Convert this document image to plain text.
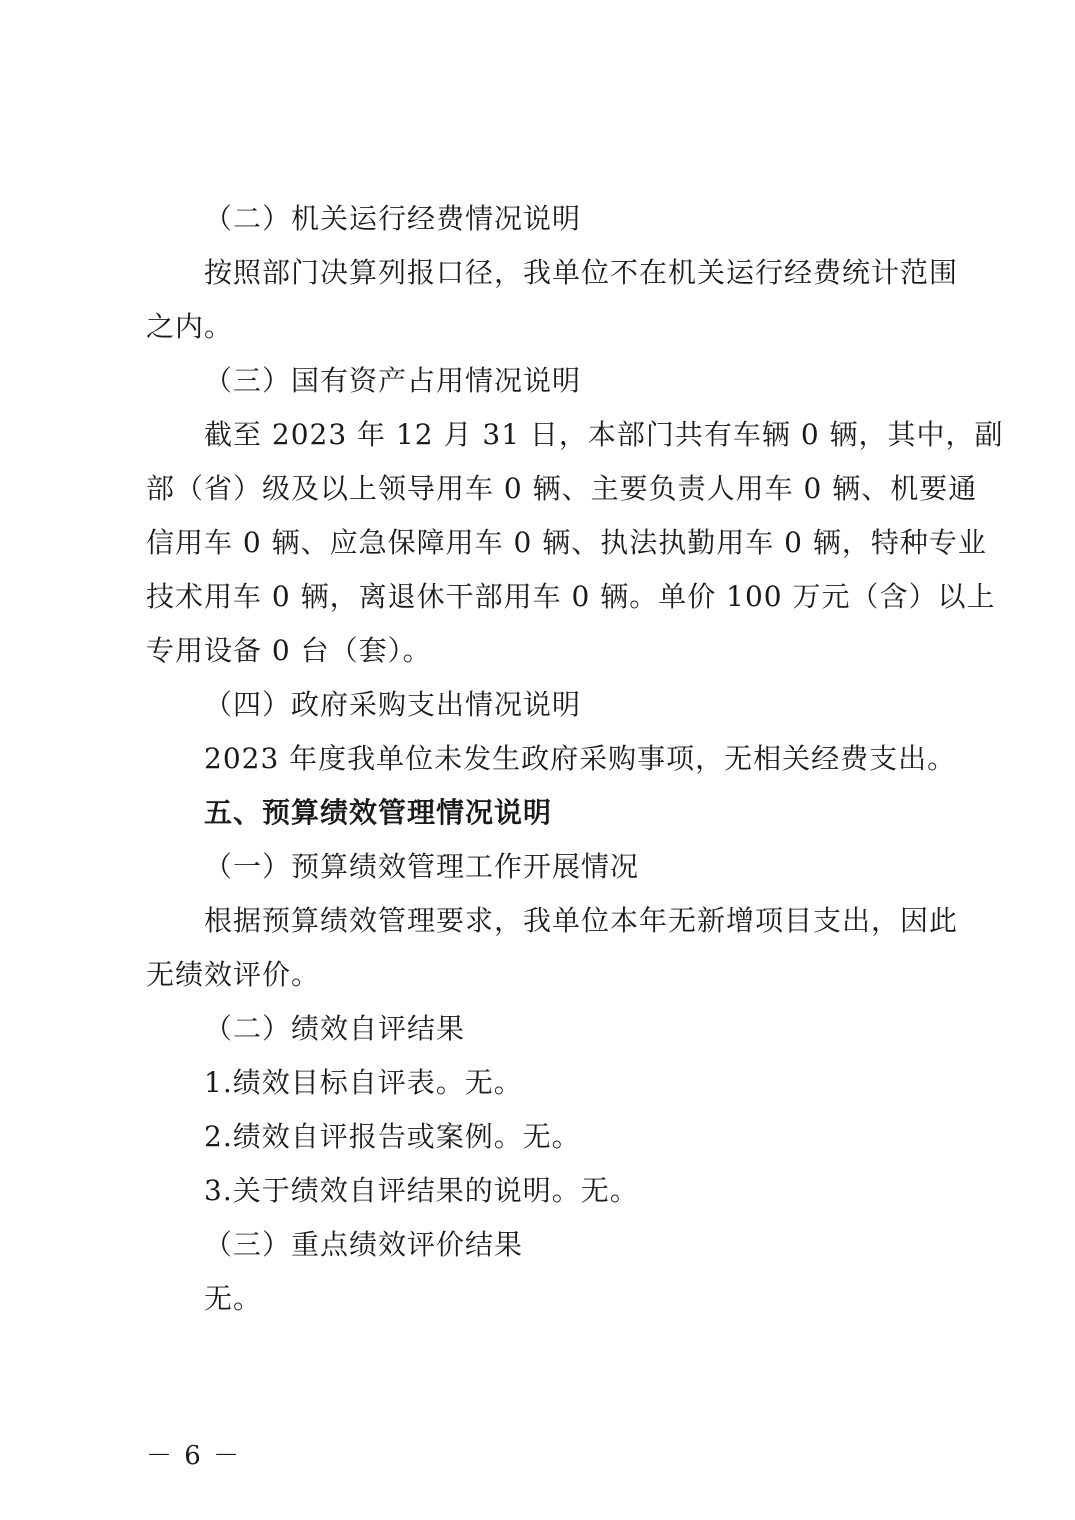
（二）机关运行经费情况说明
按照部门决算列报口径，我单位不在机关运行经费统计范围
之内。
（三）国有资产占用情况说明
截至 2023 年 12 月 31 日，本部门共有车辆 0 辆，其中，副
部（省）级及以上领导用车 0 辆、主要负责人用车 0 辆、机要通
信用车 0 辆、应急保障用车 0 辆、执法执勤用车 0 辆，特种专业
技术用车 0 辆，离退休干部用车 0 辆。单价 100 万元（含）以上
专用设备 0 台（套）。
（四）政府采购支出情况说明
2023 年度我单位未发生政府采购事项，无相关经费支出。
五、预算绩效管理情况说明
（一）预算绩效管理工作开展情况
根据预算绩效管理要求，我单位本年无新增项目支出，因此
无绩效评价。
（二）绩效自评结果
1.绩效目标自评表。无。
2.绩效自评报告或案例。无。
3.关于绩效自评结果的说明。无。
（三）重点绩效评价结果
无。
－ 6 －
